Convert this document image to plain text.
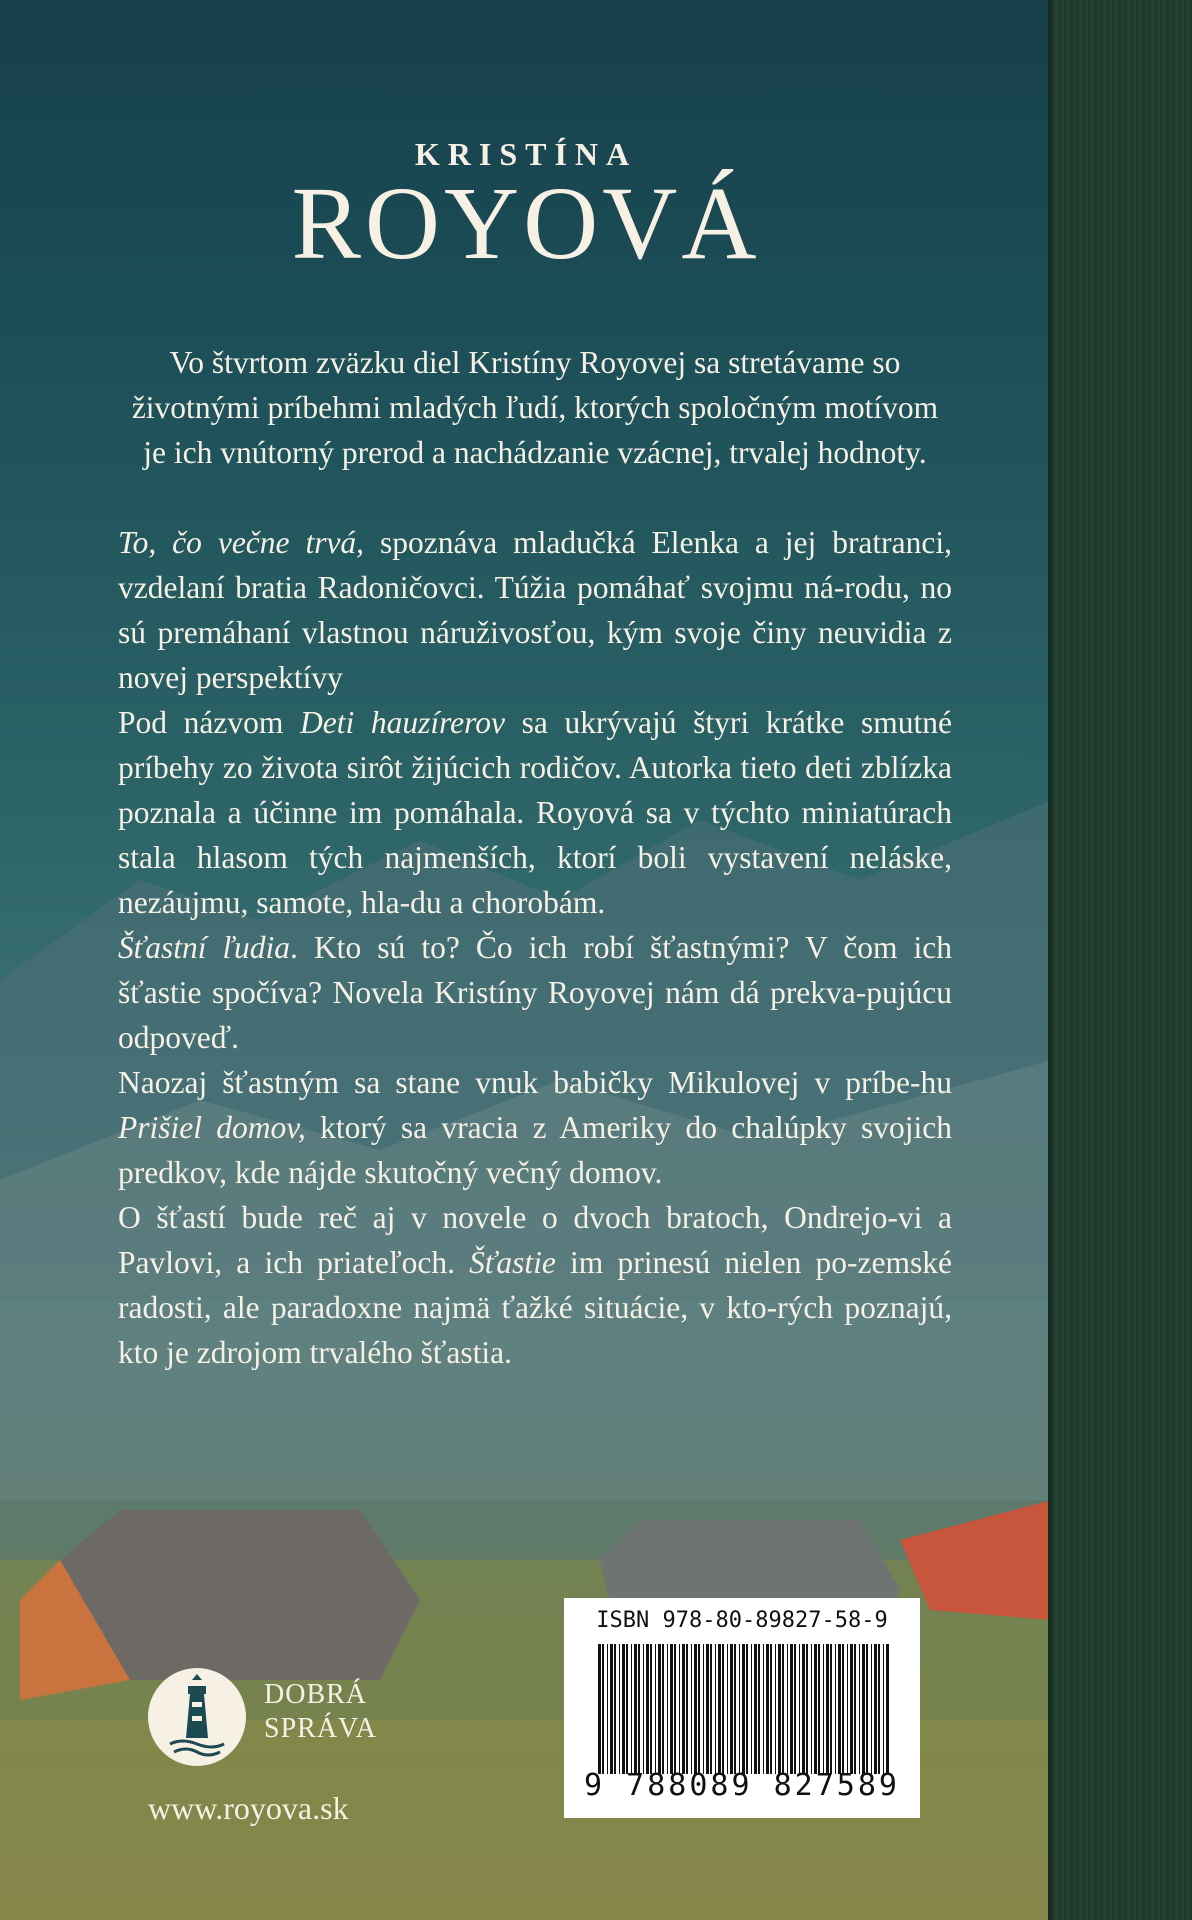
KRISTÍNA
ROYOVÁ

Vo štvrtom zväzku diel Kristíny Royovej sa stretávame so životnými príbehmi mladých ľudí, ktorých spoločným motívom je ich vnútorný prerod a nachádzanie vzácnej, trvalej hodnoty.

To, čo večne trvá, spoznáva mladučká Elenka a jej bratranci, vzdelaní bratia Radoničovci. Túžia pomáhať svojmu ná-rodu, no sú premáhaní vlastnou náruživosťou, kým svoje činy neuvidia z novej perspektívy

Pod názvom Deti hauzírerov sa ukrývajú štyri krátke smutné príbehy zo života sirôt žijúcich rodičov. Autorka tieto deti zblízka poznala a účinne im pomáhala. Royová sa v týchto miniatúrach stala hlasom tých najmenších, ktorí boli vystavení neláske, nezáujmu, samote, hla-du a chorobám.

Šťastní ľudia. Kto sú to? Čo ich robí šťastnými? V čom ich šťastie spočíva? Novela Kristíny Royovej nám dá prekva-pujúcu odpoveď.

Naozaj šťastným sa stane vnuk babičky Mikulovej v príbe-hu Prišiel domov, ktorý sa vracia z Ameriky do chalúpky svojich predkov, kde nájde skutočný večný domov.

O šťastí bude reč aj v novele o dvoch bratoch, Ondrejo-vi a Pavlovi, a ich priateľoch. Šťastie im prinesú nielen po-zemské radosti, ale paradoxne najmä ťažké situácie, v kto-rých poznajú, kto je zdrojom trvalého šťastia.

DOBRÁ
SPRÁVA
www.royova.sk
ISBN 978-80-89827-58-9
9 788089 827589
